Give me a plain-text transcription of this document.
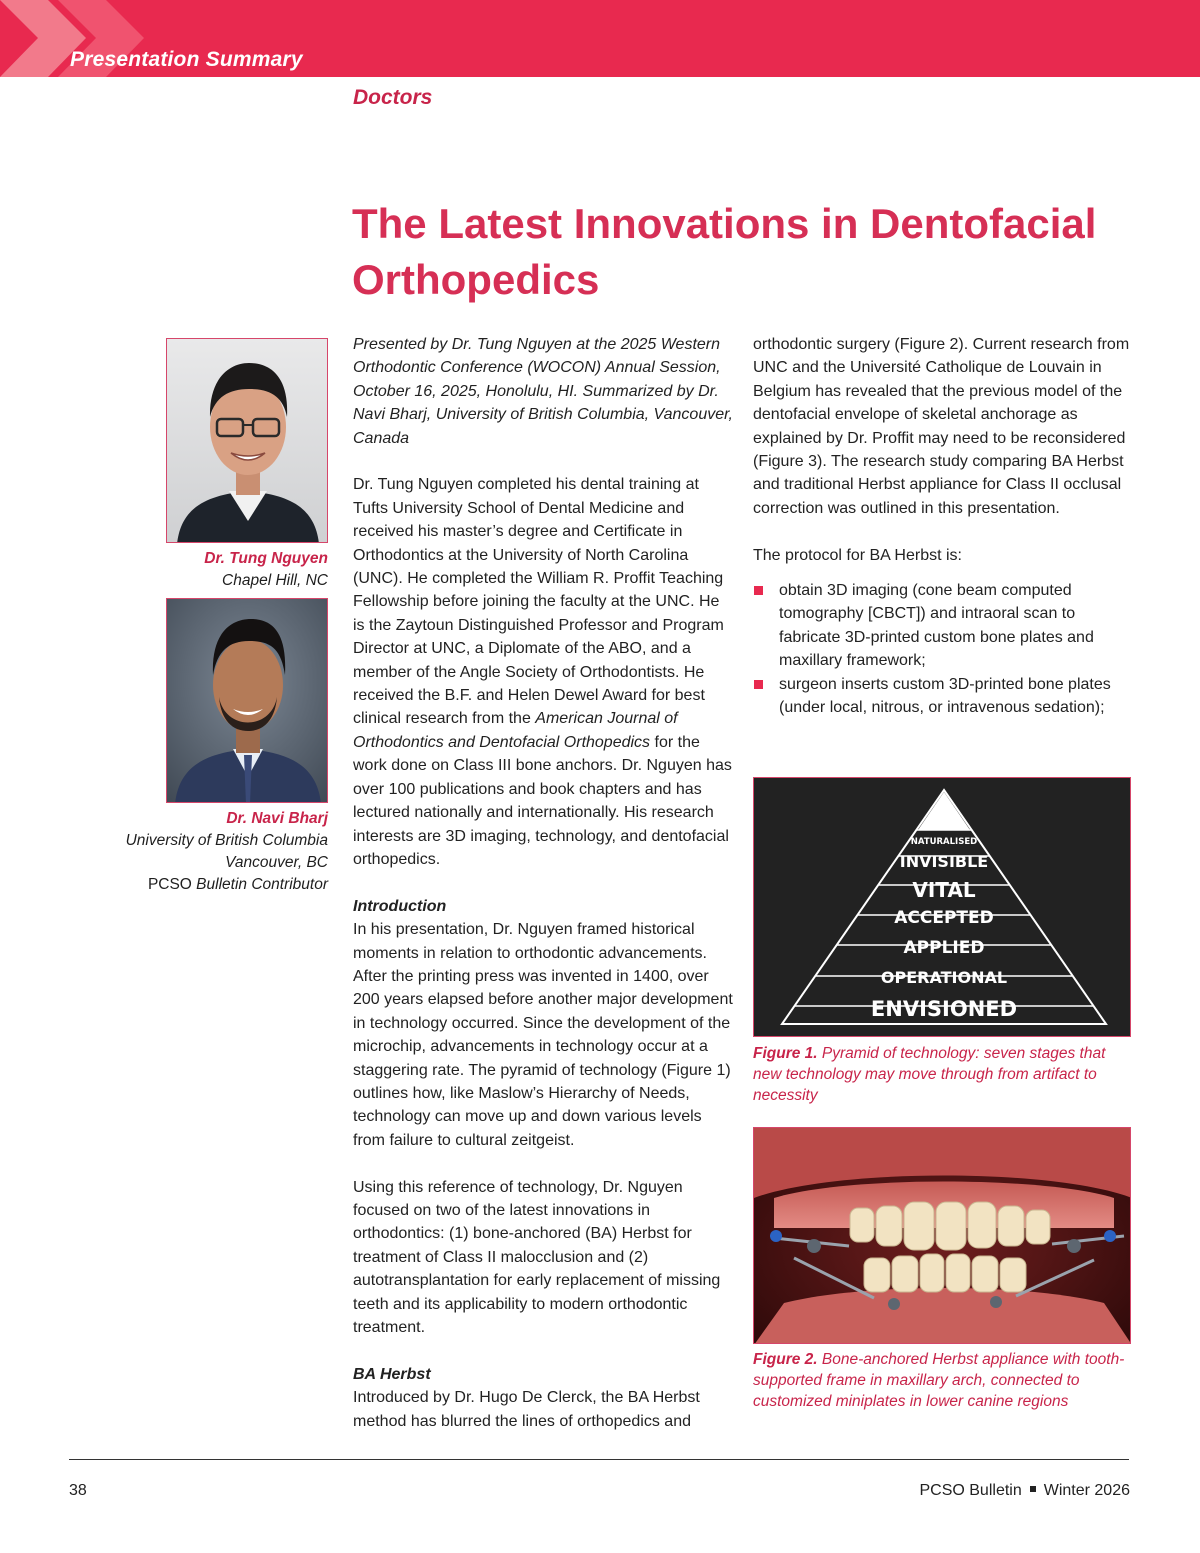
Presentation Summary
Doctors
The Latest Innovations in Dentofacial Orthopedics
Dr. Tung Nguyen
Chapel Hill, NC
Dr. Navi Bharj
University of British Columbia
Vancouver, BC
PCSO Bulletin Contributor

Presented by Dr. Tung Nguyen at the 2025 Western Orthodontic Conference (WOCON) Annual Session, October 16, 2025, Honolulu, HI. Summarized by Dr. Navi Bharj, University of British Columbia, Vancouver, Canada

Dr. Tung Nguyen completed his dental training at Tufts University School of Dental Medicine and received his master’s degree and Certificate in Orthodontics at the University of North Carolina (UNC). He completed the William R. Proffit Teaching Fellowship before joining the faculty at the UNC. He is the Zaytoun Distinguished Professor and Program Director at UNC, a Diplomate of the ABO, and a member of the Angle Society of Orthodontists. He received the B.F. and Helen Dewel Award for best clinical research from the American Journal of Orthodontics and Dentofacial Orthopedics for the work done on Class III bone anchors. Dr. Nguyen has over 100 publications and book chapters and has lectured nationally and internationally. His research interests are 3D imaging, technology, and dentofacial orthopedics.

Introduction

In his presentation, Dr. Nguyen framed historical moments in relation to orthodontic advancements. After the printing press was invented in 1400, over 200 years elapsed before another major development in technology occurred. Since the development of the microchip, advancements in technology occur at a staggering rate. The pyramid of technology (Figure 1) outlines how, like Maslow’s Hierarchy of Needs, technology can move up and down various levels from failure to cultural zeitgeist.

Using this reference of technology, Dr. Nguyen focused on two of the latest innovations in orthodontics: (1) bone-anchored (BA) Herbst for treatment of Class II malocclusion and (2) autotransplantation for early replacement of missing teeth and its applicability to modern orthodontic treatment.

BA Herbst

Introduced by Dr. Hugo De Clerck, the BA Herbst method has blurred the lines of orthopedics and

orthodontic surgery (Figure 2). Current research from UNC and the Université Catholique de Louvain in Belgium has revealed that the previous model of the dentofacial envelope of skeletal anchorage as explained by Dr. Proffit may need to be reconsidered (Figure 3). The research study comparing BA Herbst and traditional Herbst appliance for Class II occlusal correction was outlined in this presentation.

The protocol for BA Herbst is:

obtain 3D imaging (cone beam computed tomography [CBCT]) and intraoral scan to fabricate 3D-printed custom bone plates and maxillary framework;
surgeon inserts custom 3D-printed bone plates (under local, nitrous, or intravenous sedation);
NATURALISED
INVISIBLE
VITAL
ACCEPTED
APPLIED
OPERATIONAL
ENVISIONED
Figure 1. Pyramid of technology: seven stages that new technology may move through from artifact to necessity
Figure 2. Bone-anchored Herbst appliance with tooth-supported frame in maxillary arch, connected to customized miniplates in lower canine regions
38	PCSO Bulletin Winter 2026
